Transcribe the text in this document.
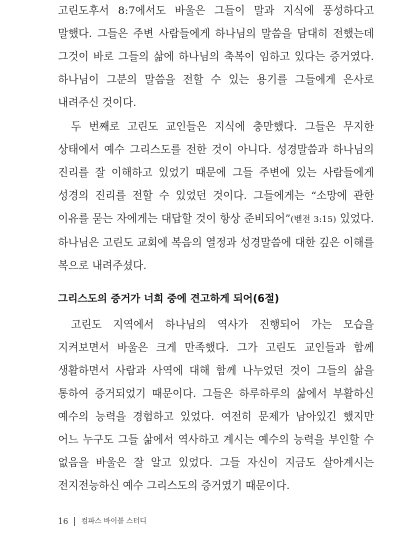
고린도후서 8:7에서도 바울은 그들이 말과 지식에 풍성하다고 말했다. 그들은 주변 사람들에게 하나님의 말씀을 담대히 전했는데 그것이 바로 그들의 삶에 하나님의 축복이 임하고 있다는 증거였다. 하나님이 그분의 말씀을 전할 수 있는 용기를 그들에게 은사로 내려주신 것이다.

두 번째로 고린도 교인들은 지식에 충만했다. 그들은 무지한 상태에서 예수 그리스도를 전한 것이 아니다. 성경말씀과 하나님의 진리를 잘 이해하고 있었기 때문에 그들 주변에 있는 사람들에게 성경의 진리를 전할 수 있었던 것이다. 그들에게는 “소망에 관한 이유를 묻는 자에게는 대답할 것이 항상 준비되어”(벧전 3:15) 있었다. 하나님은 고린도 교회에 복음의 열정과 성경말씀에 대한 깊은 이해를 복으로 내려주셨다.

그리스도의 증거가 너희 중에 견고하게 되어(6절)

고린도 지역에서 하나님의 역사가 진행되어 가는 모습을 지켜보면서 바울은 크게 만족했다. 그가 고린도 교인들과 함께 생활하면서 사람과 사역에 대해 함께 나누었던 것이 그들의 삶을 통하여 증거되었기 때문이다. 그들은 하루하루의 삶에서 부활하신 예수의 능력을 경험하고 있었다. 여전히 문제가 남아있긴 했지만 어느 누구도 그들 삶에서 역사하고 계시는 예수의 능력을 부인할 수 없음을 바울은 잘 알고 있었다. 그들 자신이 지금도 살아계시는 전지전능하신 예수 그리스도의 증거였기 때문이다.

16 컴파스 바이블 스터디
